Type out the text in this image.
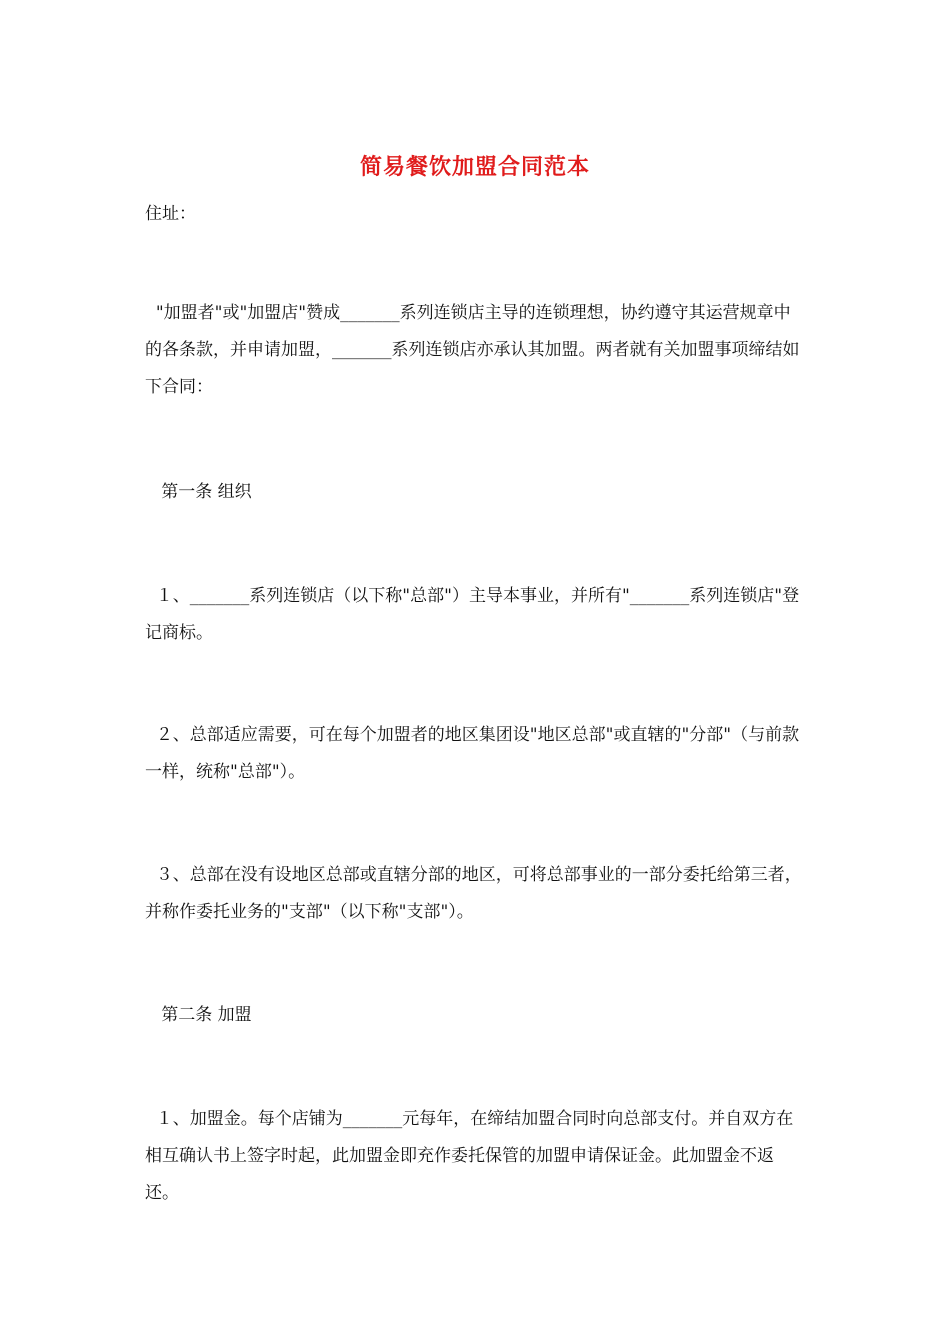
简易餐饮加盟合同范本

住址：

"加盟者"或"加盟店"赞成_______系列连锁店主导的连锁理想，协约遵守其运营规章中的各条款，并申请加盟，_______系列连锁店亦承认其加盟。两者就有关加盟事项缔结如下合同：

第一条 组织

１、_______系列连锁店（以下称"总部"）主导本事业，并所有"_______系列连锁店"登记商标。

２、总部适应需要，可在每个加盟者的地区集团设"地区总部"或直辖的"分部"（与前款一样，统称"总部"）。

３、总部在没有设地区总部或直辖分部的地区，可将总部事业的一部分委托给第三者，并称作委托业务的"支部"（以下称"支部"）。

第二条 加盟

１、加盟金。每个店铺为_______元每年，在缔结加盟合同时向总部支付。并自双方在相互确认书上签字时起，此加盟金即充作委托保管的加盟申请保证金。此加盟金不返还。
